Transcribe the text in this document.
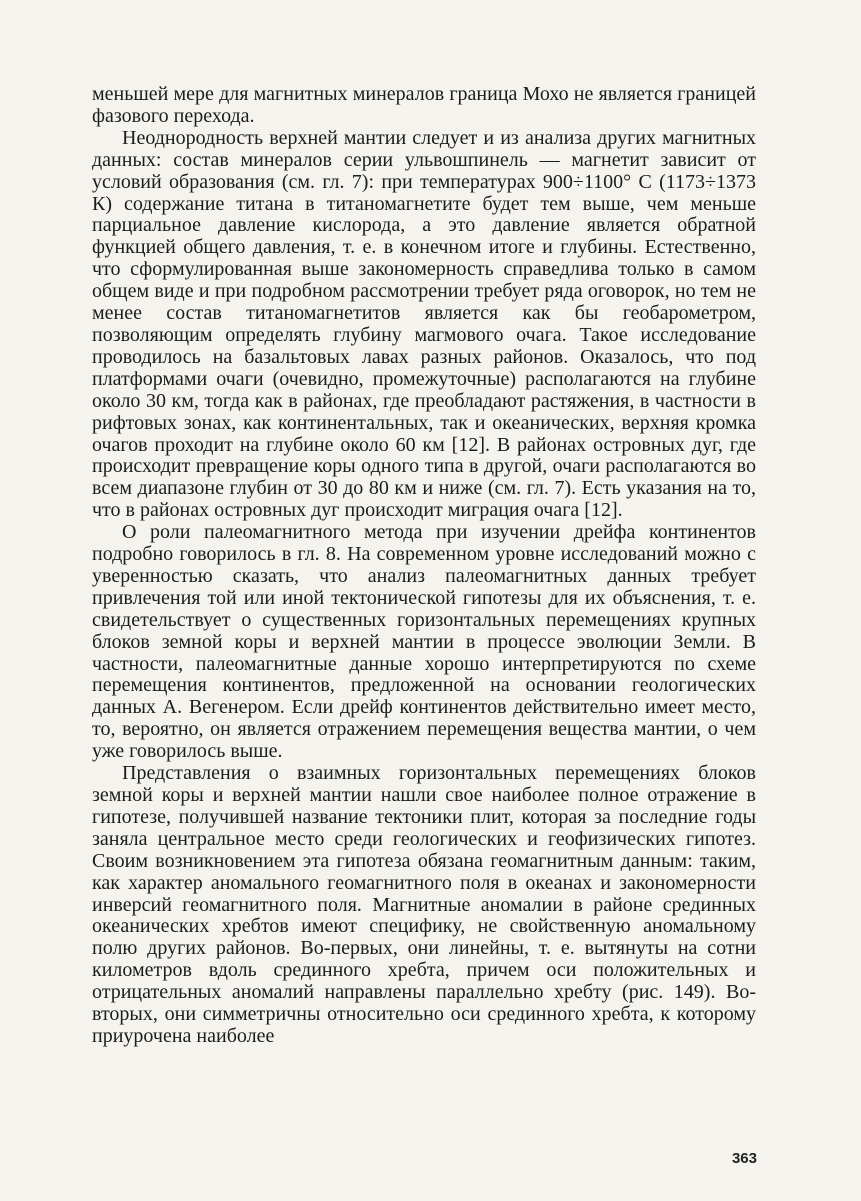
меньшей мере для магнитных минералов граница Мохо не является границей фазового перехода.

Неоднородность верхней мантии следует и из анализа других магнитных данных: состав минералов серии ульвошпинель — магнетит зависит от условий образования (см. гл. 7): при температурах 900÷1100° С (1173÷1373 К) содержание титана в титаномагнетите будет тем выше, чем меньше парциальное давление кислорода, а это давление является обратной функцией общего давления, т. е. в конечном итоге и глубины. Естественно, что сформулированная выше закономерность справедлива только в самом общем виде и при подробном рассмотрении требует ряда оговорок, но тем не менее состав титаномагнетитов является как бы геобарометром, позволяющим определять глубину магмового очага. Такое исследование проводилось на базальтовых лавах разных районов. Оказалось, что под платформами очаги (очевидно, промежуточные) располагаются на глубине около 30 км, тогда как в районах, где преобладают растяжения, в частности в рифтовых зонах, как континентальных, так и океанических, верхняя кромка очагов проходит на глубине около 60 км [12]. В районах островных дуг, где происходит превращение коры одного типа в другой, очаги располагаются во всем диапазоне глубин от 30 до 80 км и ниже (см. гл. 7). Есть указания на то, что в районах островных дуг происходит миграция очага [12].

О роли палеомагнитного метода при изучении дрейфа континентов подробно говорилось в гл. 8. На современном уровне исследований можно с уверенностью сказать, что анализ палеомагнитных данных требует привлечения той или иной тектонической гипотезы для их объяснения, т. е. свидетельствует о существенных горизонтальных перемещениях крупных блоков земной коры и верхней мантии в процессе эволюции Земли. В частности, палеомагнитные данные хорошо интерпретируются по схеме перемещения континентов, предложенной на основании геологических данных А. Вегенером. Если дрейф континентов действительно имеет место, то, вероятно, он является отражением перемещения вещества мантии, о чем уже говорилось выше.

Представления о взаимных горизонтальных перемещениях блоков земной коры и верхней мантии нашли свое наиболее полное отражение в гипотезе, получившей название тектоники плит, которая за последние годы заняла центральное место среди геологических и геофизических гипотез. Своим возникновением эта гипотеза обязана геомагнитным данным: таким, как характер аномального геомагнитного поля в океанах и закономерности инверсий геомагнитного поля. Магнитные аномалии в районе срединных океанических хребтов имеют специфику, не свойственную аномальному полю других районов. Во-первых, они линейны, т. е. вытянуты на сотни километров вдоль срединного хребта, причем оси положительных и отрицательных аномалий направлены параллельно хребту (рис. 149). Во-вторых, они симметричны относительно оси срединного хребта, к которому приурочена наиболее

363
